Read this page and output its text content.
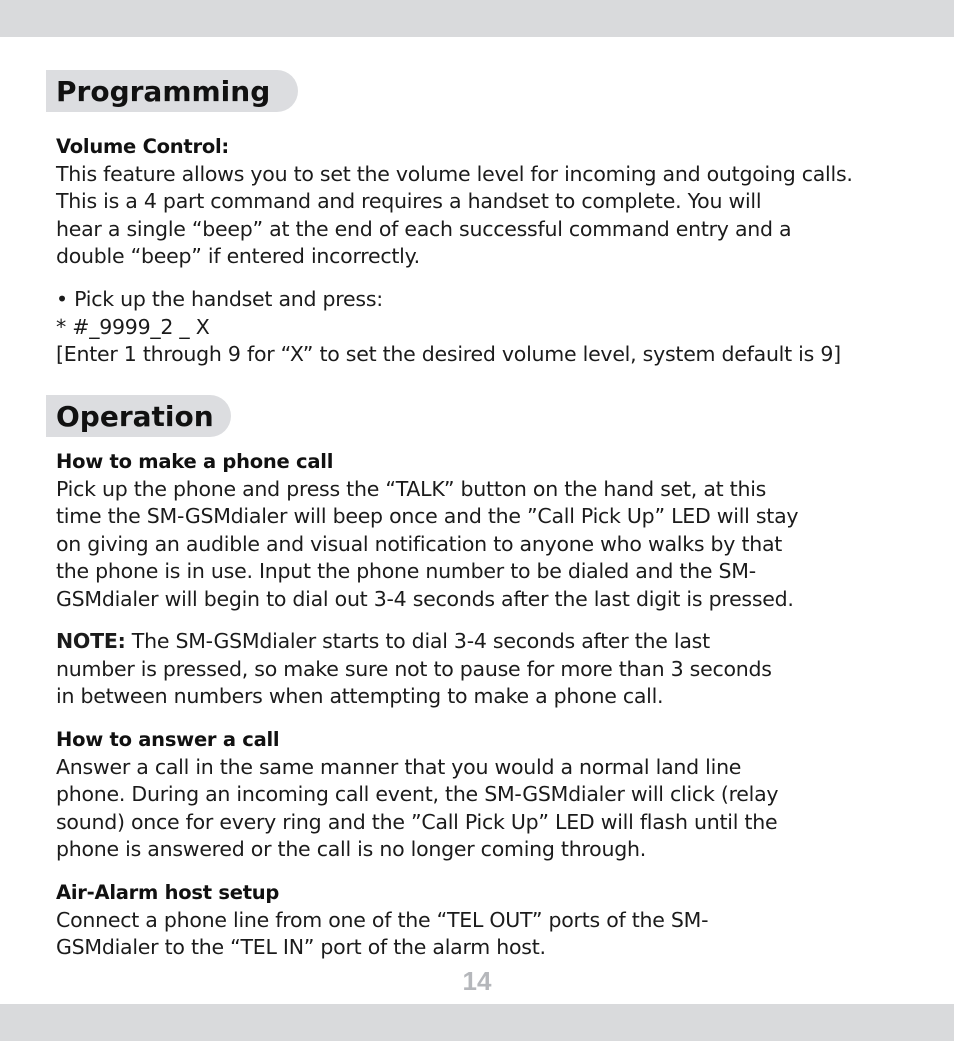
Programming

Volume Control:

This feature allows you to set the volume level for incoming and outgoing calls.

This is a 4 part command and requires a handset to complete. You will

hear a single “beep” at the end of each successful command entry and a

double “beep” if entered incorrectly.

• Pick up the handset and press:

* #_9999_2 _ X

[Enter 1 through 9 for “X” to set the desired volume level, system default is 9]

Operation

How to make a phone call

Pick up the phone and press the “TALK” button on the hand set, at this

time the SM-GSMdialer will beep once and the ”Call Pick Up” LED will stay

on giving an audible and visual notification to anyone who walks by that

the phone is in use. Input the phone number to be dialed and the SM-

GSMdialer will begin to dial out 3-4 seconds after the last digit is pressed.

NOTE: The SM-GSMdialer starts to dial 3-4 seconds after the last

number is pressed, so make sure not to pause for more than 3 seconds

in between numbers when attempting to make a phone call.

How to answer a call

Answer a call in the same manner that you would a normal land line

phone. During an incoming call event, the SM-GSMdialer will click (relay

sound) once for every ring and the ”Call Pick Up” LED will flash until the

phone is answered or the call is no longer coming through.

Air-Alarm host setup

Connect a phone line from one of the “TEL OUT” ports of the SM-

GSMdialer to the “TEL IN” port of the alarm host.

14
